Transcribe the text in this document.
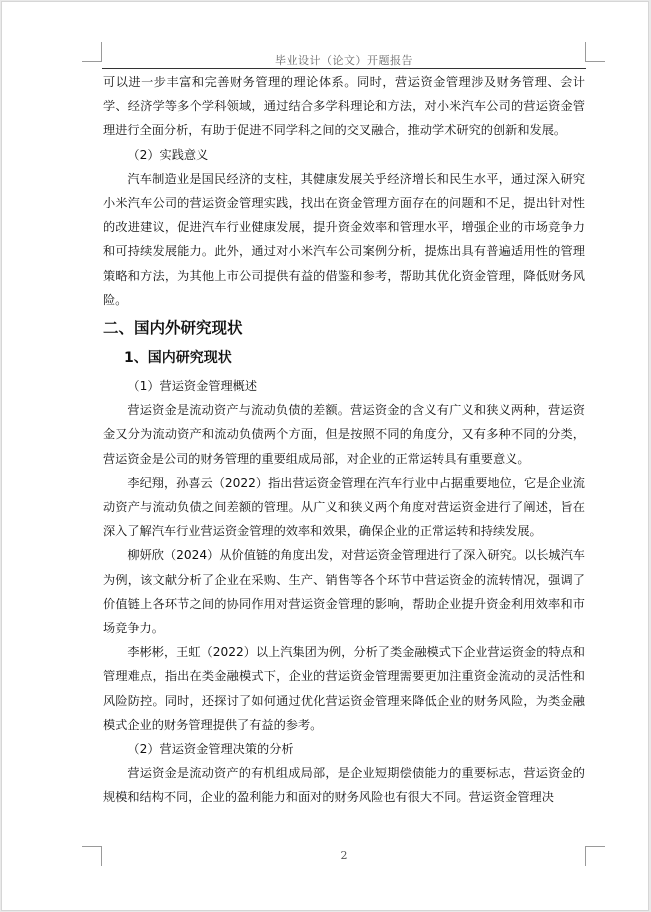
毕业设计（论文）开题报告

可以进一步丰富和完善财务管理的理论体系。同时，营运资金管理涉及财务管理、会计学、经济学等多个学科领域，通过结合多学科理论和方法，对小米汽车公司的营运资金管理进行全面分析，有助于促进不同学科之间的交叉融合，推动学术研究的创新和发展。

（2）实践意义

汽车制造业是国民经济的支柱，其健康发展关乎经济增长和民生水平，通过深入研究小米汽车公司的营运资金管理实践，找出在资金管理方面存在的问题和不足，提出针对性的改进建议，促进汽车行业健康发展，提升资金效率和管理水平，增强企业的市场竞争力和可持续发展能力。此外，通过对小米汽车公司案例分析，提炼出具有普遍适用性的管理策略和方法，为其他上市公司提供有益的借鉴和参考，帮助其优化资金管理，降低财务风险。

二、国内外研究现状
1、国内研究现状

（1）营运资金管理概述

营运资金是流动资产与流动负债的差额。营运资金的含义有广义和狭义两种，营运资金又分为流动资产和流动负债两个方面，但是按照不同的角度分，又有多种不同的分类，营运资金是公司的财务管理的重要组成局部，对企业的正常运转具有重要意义。

李纪翔，孙喜云（2022）指出营运资金管理在汽车行业中占据重要地位，它是企业流动资产与流动负债之间差额的管理。从广义和狭义两个角度对营运资金进行了阐述，旨在深入了解汽车行业营运资金管理的效率和效果，确保企业的正常运转和持续发展。

柳妍欣（2024）从价值链的角度出发，对营运资金管理进行了深入研究。以长城汽车为例，该文献分析了企业在采购、生产、销售等各个环节中营运资金的流转情况，强调了价值链上各环节之间的协同作用对营运资金管理的影响，帮助企业提升资金利用效率和市场竞争力。

李彬彬，王虹（2022）以上汽集团为例，分析了类金融模式下企业营运资金的特点和管理难点，指出在类金融模式下，企业的营运资金管理需要更加注重资金流动的灵活性和风险防控。同时，还探讨了如何通过优化营运资金管理来降低企业的财务风险，为类金融模式企业的财务管理提供了有益的参考。

（2）营运资金管理决策的分析

营运资金是流动资产的有机组成局部，是企业短期偿债能力的重要标志，营运资金的规模和结构不同，企业的盈利能力和面对的财务风险也有很大不同。营运资金管理决

2
